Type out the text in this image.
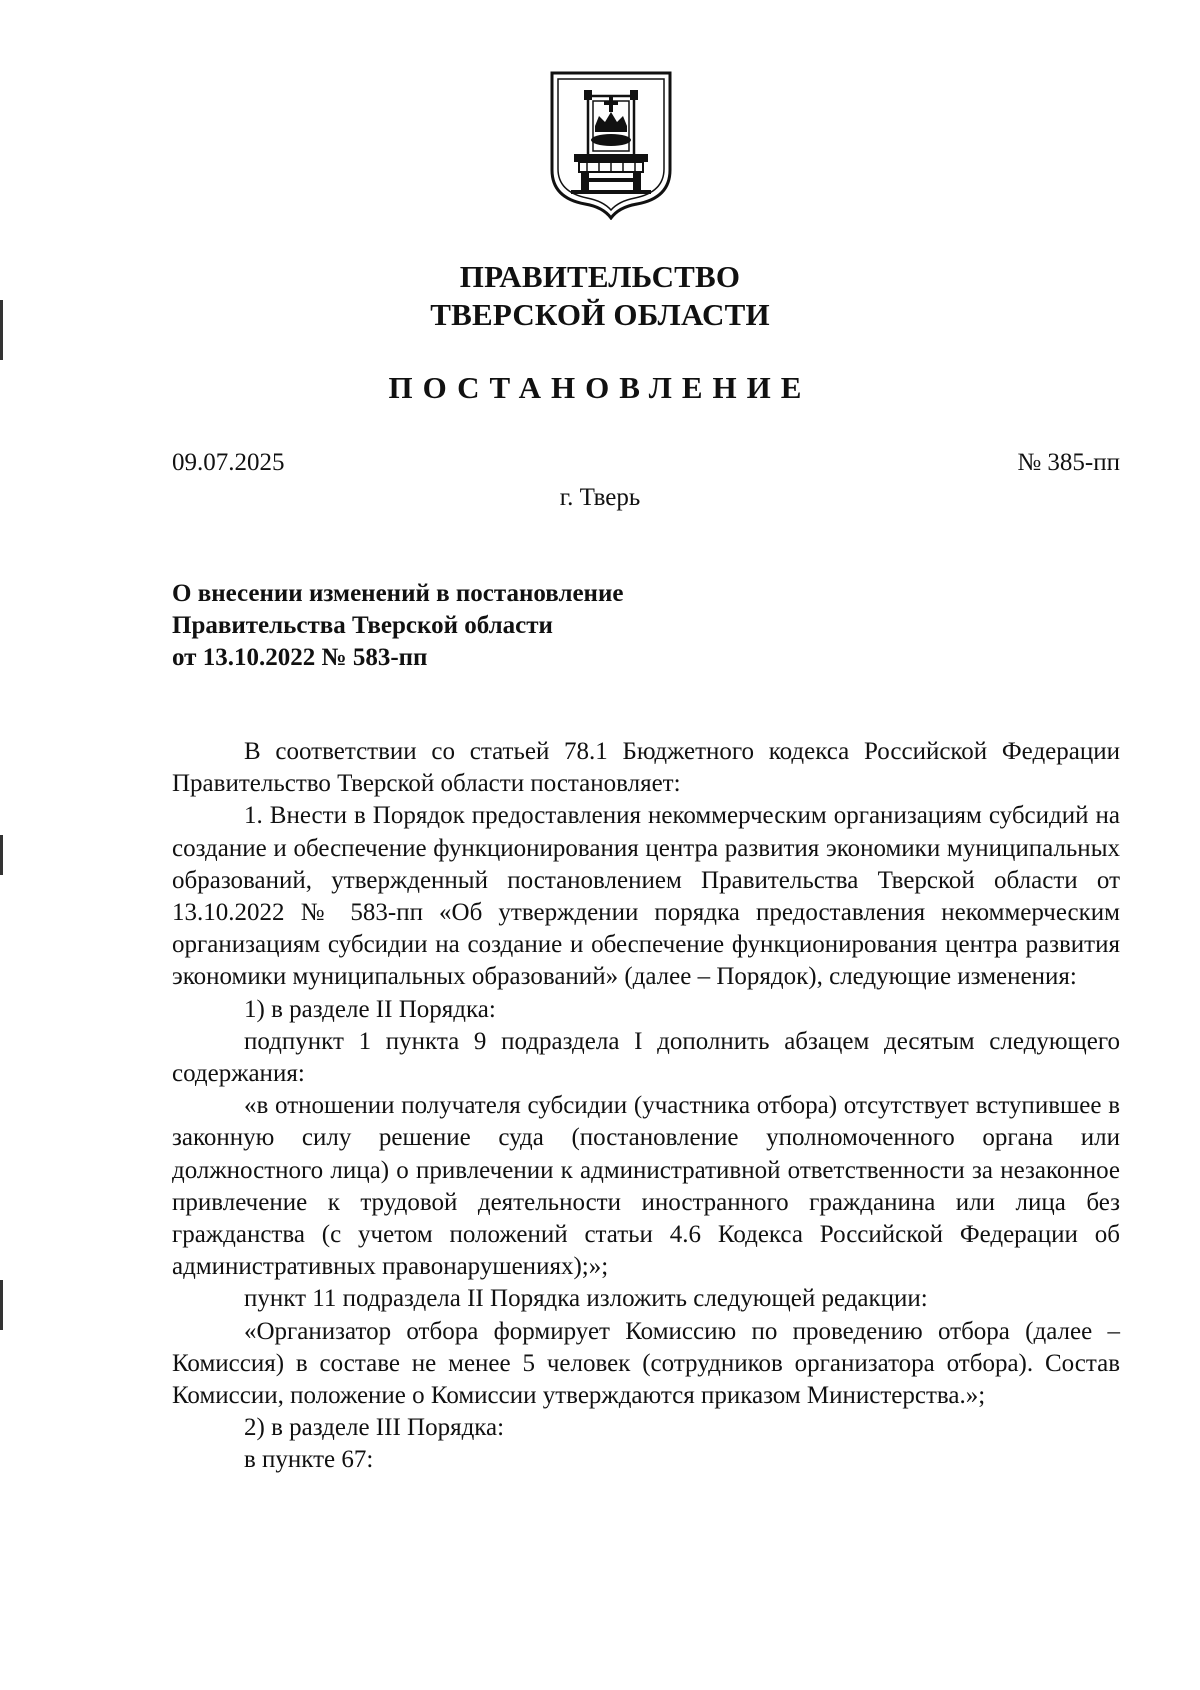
ПРАВИТЕЛЬСТВО
ТВЕРСКОЙ ОБЛАСТИ
ПОСТАНОВЛЕНИЕ
09.07.2025	№ 385-пп
г. Тверь
О внесении изменений в постановление
Правительства Тверской области
от 13.10.2022 № 583-пп

В соответствии со статьей 78.1 Бюджетного кодекса Российской Федерации Правительство Тверской области постановляет:

1. Внести в Порядок предоставления некоммерческим организациям субсидий на создание и обеспечение функционирования центра развития экономики муниципальных образований, утвержденный постановлением Правительства Тверской области от 13.10.2022 № 583-пп «Об утверждении порядка предоставления некоммерческим организациям субсидии на создание и обеспечение функционирования центра развития экономики муниципальных образований» (далее – Порядок), следующие изменения:

1) в разделе II Порядка:

подпункт 1 пункта 9 подраздела I дополнить абзацем десятым следующего содержания:

«в отношении получателя субсидии (участника отбора) отсутствует вступившее в законную силу решение суда (постановление уполномоченного органа или должностного лица) о привлечении к административной ответственности за незаконное привлечение к трудовой деятельности иностранного гражданина или лица без гражданства (с учетом положений статьи 4.6 Кодекса Российской Федерации об административных правонарушениях);»;

пункт 11 подраздела II Порядка изложить следующей редакции:

«Организатор отбора формирует Комиссию по проведению отбора (далее – Комиссия) в составе не менее 5 человек (сотрудников организатора отбора). Состав Комиссии, положение о Комиссии утверждаются приказом Министерства.»;

2) в разделе III Порядка:

в пункте 67:
